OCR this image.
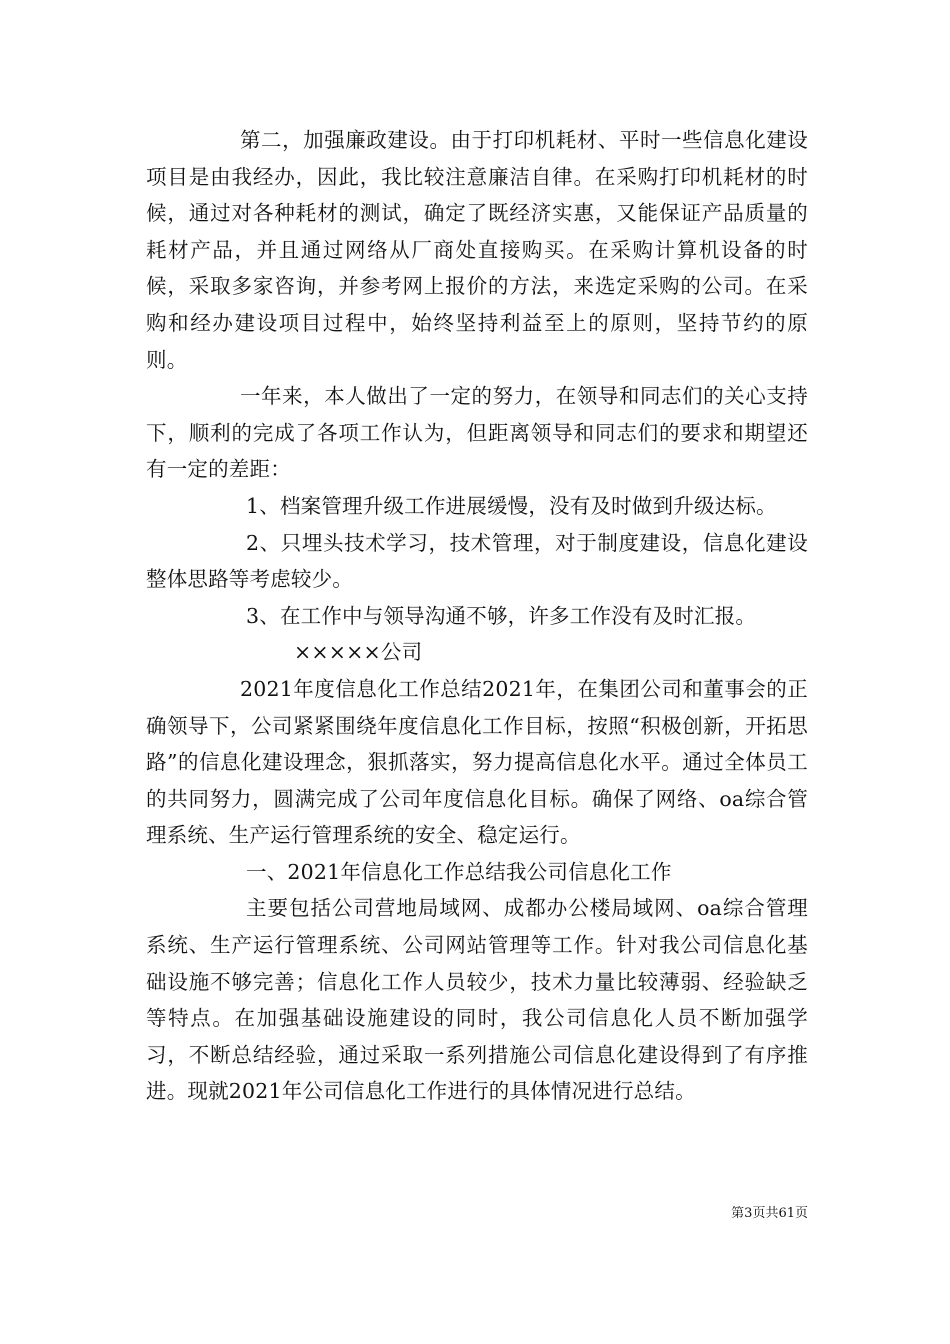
第二，加强廉政建设。由于打印机耗材、平时一些信息化建设项目是由我经办，因此，我比较注意廉洁自律。在采购打印机耗材的时候，通过对各种耗材的测试，确定了既经济实惠，又能保证产品质量的耗材产品，并且通过网络从厂商处直接购买。在采购计算机设备的时候，采取多家咨询，并参考网上报价的方法，来选定采购的公司。在采购和经办建设项目过程中，始终坚持利益至上的原则，坚持节约的原则。

一年来，本人做出了一定的努力，在领导和同志们的关心支持下，顺利的完成了各项工作认为，但距离领导和同志们的要求和期望还有一定的差距：

1、档案管理升级工作进展缓慢，没有及时做到升级达标。

2、只埋头技术学习，技术管理，对于制度建设，信息化建设整体思路等考虑较少。

3、在工作中与领导沟通不够，许多工作没有及时汇报。

×××××公司

2021年度信息化工作总结2021年，在集团公司和董事会的正确领导下，公司紧紧围绕年度信息化工作目标，按照“积极创新，开拓思路”的信息化建设理念，狠抓落实，努力提高信息化水平。通过全体员工的共同努力，圆满完成了公司年度信息化目标。确保了网络、oa综合管理系统、生产运行管理系统的安全、稳定运行。

一、2021年信息化工作总结我公司信息化工作

主要包括公司营地局域网、成都办公楼局域网、oa综合管理系统、生产运行管理系统、公司网站管理等工作。针对我公司信息化基础设施不够完善；信息化工作人员较少，技术力量比较薄弱、经验缺乏等特点。在加强基础设施建设的同时，我公司信息化人员不断加强学习，不断总结经验，通过采取一系列措施公司信息化建设得到了有序推进。现就2021年公司信息化工作进行的具体情况进行总结。

第3页共61页
